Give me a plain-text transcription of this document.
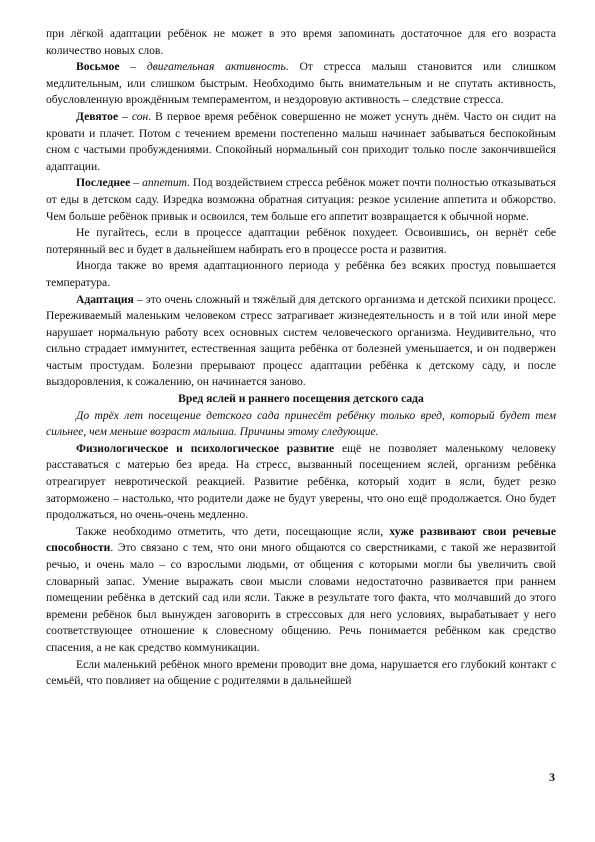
при лёгкой адаптации ребёнок не может в это время запоминать достаточное для его возраста количество новых слов.

Восьмое – двигательная активность. От стресса малыш становится или слишком медлительным, или слишком быстрым. Необходимо быть внимательным и не спутать активность, обусловленную врождённым темпераментом, и нездоровую активность – следствие стресса.

Девятое – сон. В первое время ребёнок совершенно не может уснуть днём. Часто он сидит на кровати и плачет. Потом с течением времени постепенно малыш начинает забываться беспокойным сном с частыми пробуждениями. Спокойный нормальный сон приходит только после закончившейся адаптации.

Последнее – аппетит. Под воздействием стресса ребёнок может почти полностью отказываться от еды в детском саду. Изредка возможна обратная ситуация: резкое усиление аппетита и обжорство. Чем больше ребёнок привык и освоился, тем больше его аппетит возвращается к обычной норме.

Не пугайтесь, если в процессе адаптации ребёнок похудеет. Освоившись, он вернёт себе потерянный вес и будет в дальнейшем набирать его в процессе роста и развития.

Иногда также во время адаптационного периода у ребёнка без всяких простуд повышается температура.

Адаптация – это очень сложный и тяжёлый для детского организма и детской психики процесс. Переживаемый маленьким человеком стресс затрагивает жизнедеятельность и в той или иной мере нарушает нормальную работу всех основных систем человеческого организма. Неудивительно, что сильно страдает иммунитет, естественная защита ребёнка от болезней уменьшается, и он подвержен частым простудам. Болезни прерывают процесс адаптации ребёнка к детскому саду, и после выздоровления, к сожалению, он начинается заново.

Вред яслей и раннего посещения детского сада

До трёх лет посещение детского сада принесёт ребёнку только вред, который будет тем сильнее, чем меньше возраст малыша. Причины этому следующие.

Физиологическое и психологическое развитие ещё не позволяет маленькому человеку расставаться с матерью без вреда. На стресс, вызванный посещением яслей, организм ребёнка отреагирует невротической реакцией. Развитие ребёнка, который ходит в ясли, будет резко заторможено – настолько, что родители даже не будут уверены, что оно ещё продолжается. Оно будет продолжаться, но очень-очень медленно.

Также необходимо отметить, что дети, посещающие ясли, хуже развивают свои речевые способности. Это связано с тем, что они много общаются со сверстниками, с такой же неразвитой речью, и очень мало – со взрослыми людьми, от общения с которыми могли бы увеличить свой словарный запас. Умение выражать свои мысли словами недостаточно развивается при раннем помещении ребёнка в детский сад или ясли. Также в результате того факта, что молчавший до этого времени ребёнок был вынужден заговорить в стрессовых для него условиях, вырабатывает у него соответствующее отношение к словесному общению. Речь понимается ребёнком как средство спасения, а не как средство коммуникации.

Если маленький ребёнок много времени проводит вне дома, нарушается его глубокий контакт с семьёй, что повлияет на общение с родителями в дальнейшей

3
